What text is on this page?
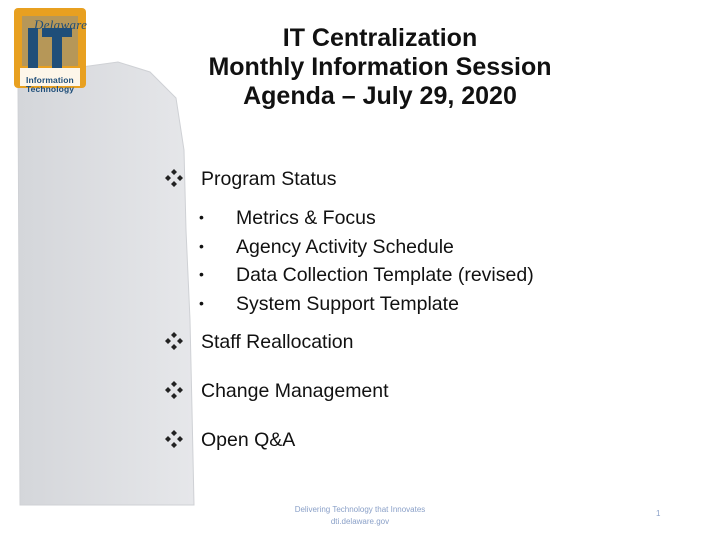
Delaware
Information
Technology
IT Centralization
Monthly Information Session
Agenda – July 29, 2020
Program Status
• Metrics & Focus
• Agency Activity Schedule
• Data Collection Template (revised)
• System Support Template
Staff Reallocation
Change Management
Open Q&A
Delivering Technology that Innovates
dti.delaware.gov
1
